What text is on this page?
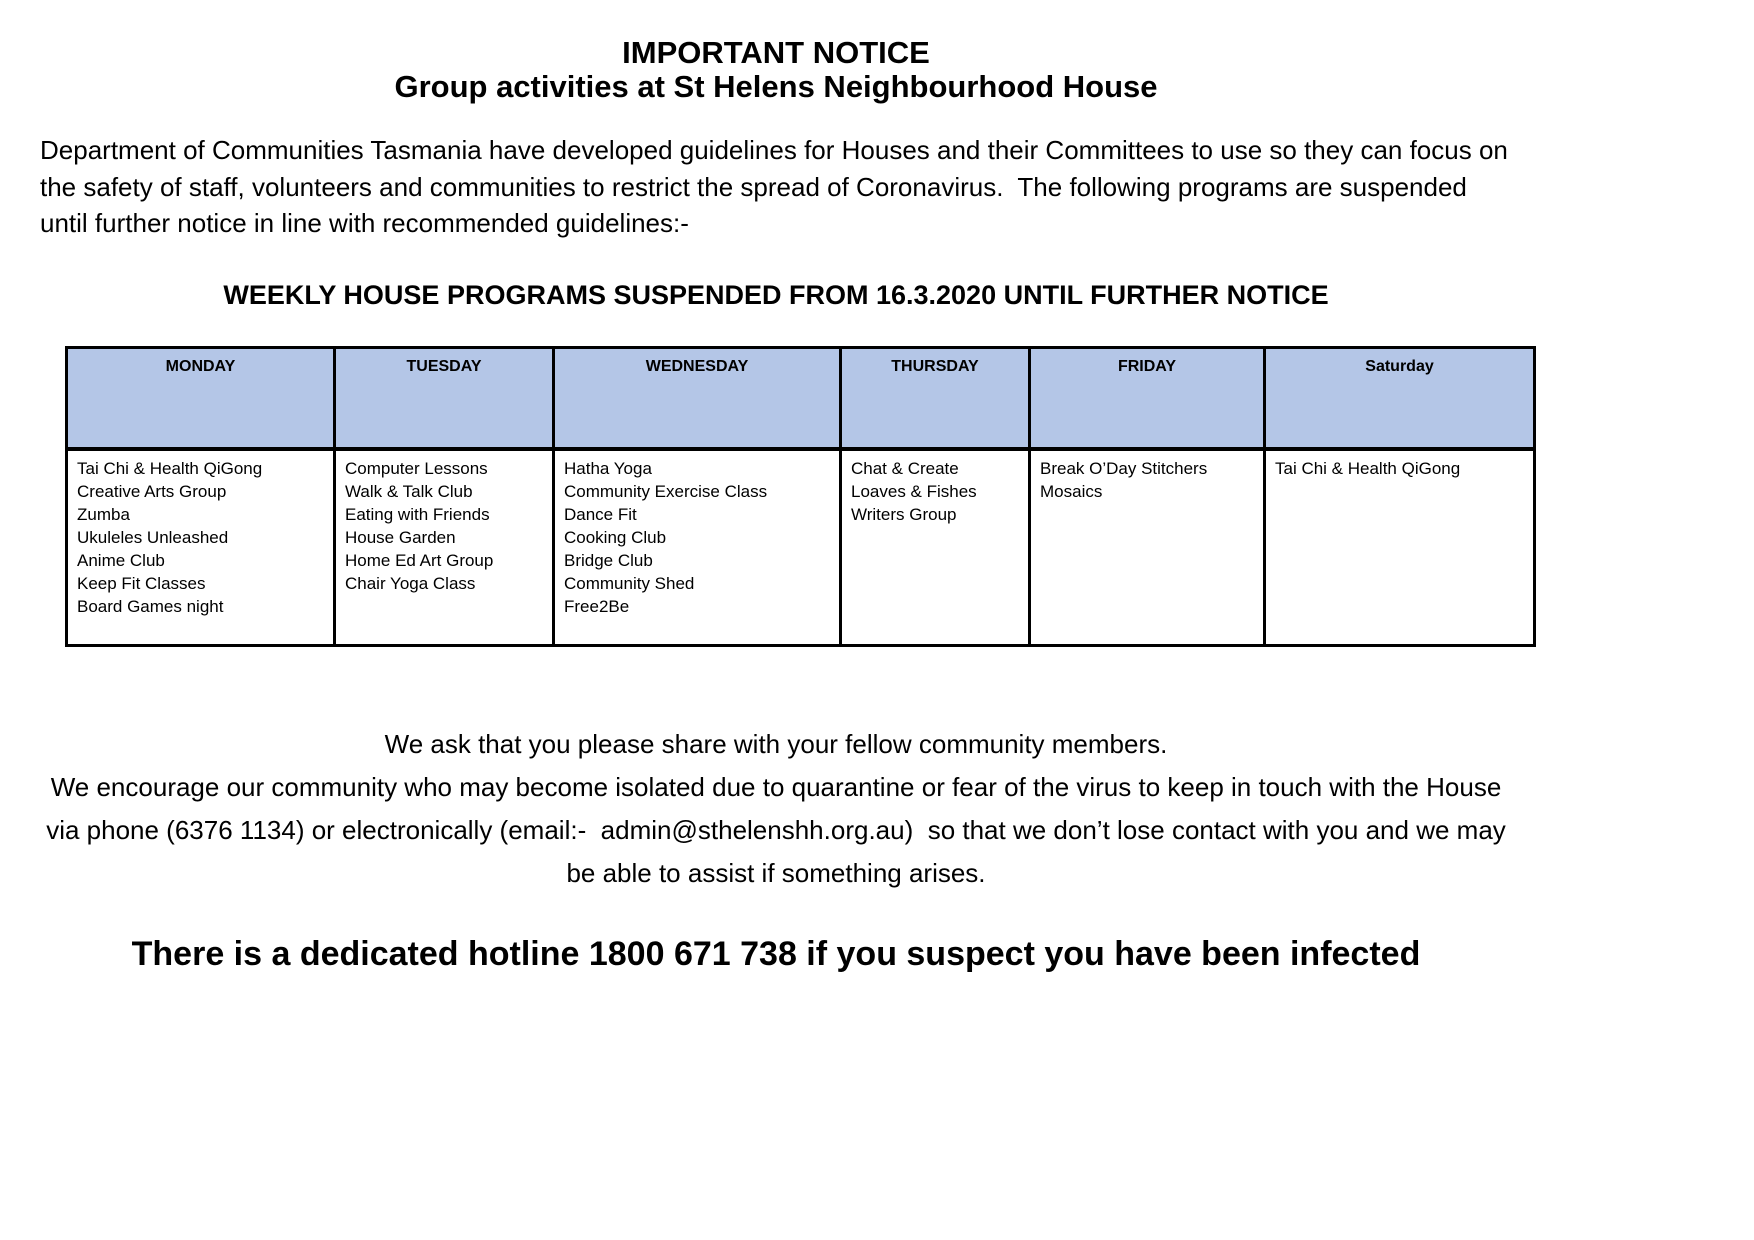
IMPORTANT NOTICE
Group activities at St Helens Neighbourhood House
Department of Communities Tasmania have developed guidelines for Houses and their Committees to use so they can focus on the safety of staff, volunteers and communities to restrict the spread of Coronavirus.  The following programs are suspended until further notice in line with recommended guidelines:-
WEEKLY HOUSE PROGRAMS SUSPENDED FROM 16.3.2020 UNTIL FURTHER NOTICE
MONDAY	TUESDAY	WEDNESDAY	THURSDAY	FRIDAY	Saturday

Tai Chi & Health QiGong
Creative Arts Group
Zumba
Ukuleles Unleashed
Anime Club
Keep Fit Classes
Board Games night

Computer Lessons
Walk & Talk Club
Eating with Friends
House Garden
Home Ed Art Group
Chair Yoga Class

Hatha Yoga
Community Exercise Class
Dance Fit
Cooking Club
Bridge Club
Community Shed
Free2Be

Chat & Create
Loaves & Fishes
Writers Group

Break O’Day Stitchers
Mosaics

Tai Chi & Health QiGong
We ask that you please share with your fellow community members.
We encourage our community who may become isolated due to quarantine or fear of the virus to keep in touch with the House via phone (6376 1134) or electronically (email:-  admin@sthelenshh.org.au)  so that we don’t lose contact with you and we may be able to assist if something arises.
There is a dedicated hotline 1800 671 738 if you suspect you have been infected
